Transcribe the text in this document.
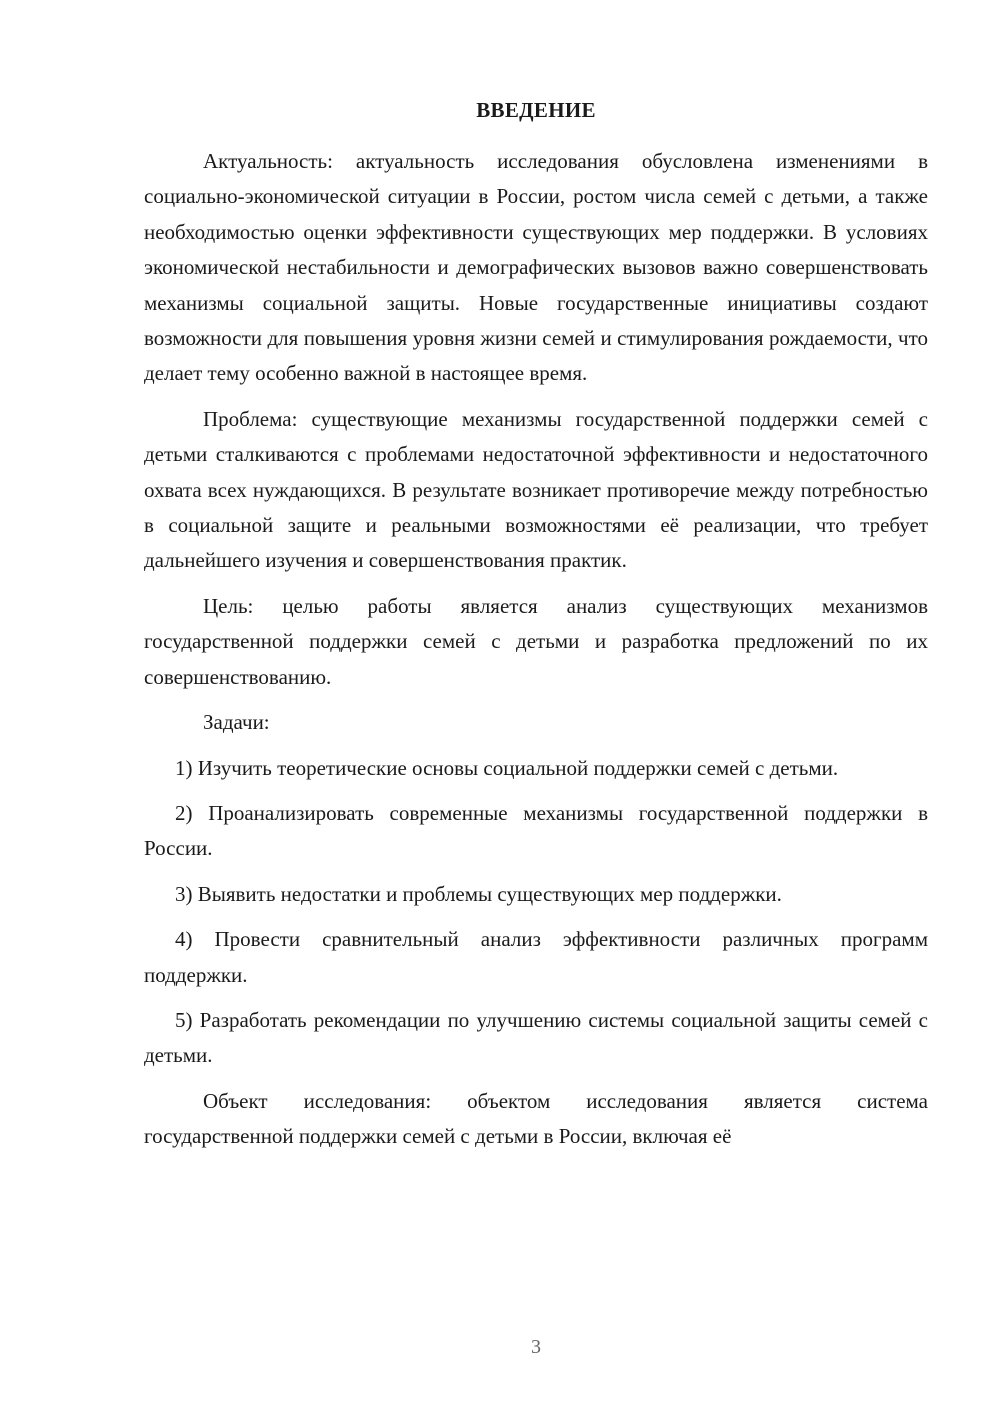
ВВЕДЕНИЕ

Актуальность: актуальность исследования обусловлена изменениями в социально-экономической ситуации в России, ростом числа семей с детьми, а также необходимостью оценки эффективности существующих мер поддержки. В условиях экономической нестабильности и демографических вызовов важно совершенствовать механизмы социальной защиты. Новые государственные инициативы создают возможности для повышения уровня жизни семей и стимулирования рождаемости, что делает тему особенно важной в настоящее время.

Проблема: существующие механизмы государственной поддержки семей с детьми сталкиваются с проблемами недостаточной эффективности и недостаточного охвата всех нуждающихся. В результате возникает противоречие между потребностью в социальной защите и реальными возможностями её реализации, что требует дальнейшего изучения и совершенствования практик.

Цель: целью работы является анализ существующих механизмов государственной поддержки семей с детьми и разработка предложений по их совершенствованию.

Задачи:

1) Изучить теоретические основы социальной поддержки семей с детьми.

2) Проанализировать современные механизмы государственной поддержки в России.

3) Выявить недостатки и проблемы существующих мер поддержки.

4) Провести сравнительный анализ эффективности различных программ поддержки.

5) Разработать рекомендации по улучшению системы социальной защиты семей с детьми.

Объект исследования: объектом исследования является система государственной поддержки семей с детьми в России, включая её

3
